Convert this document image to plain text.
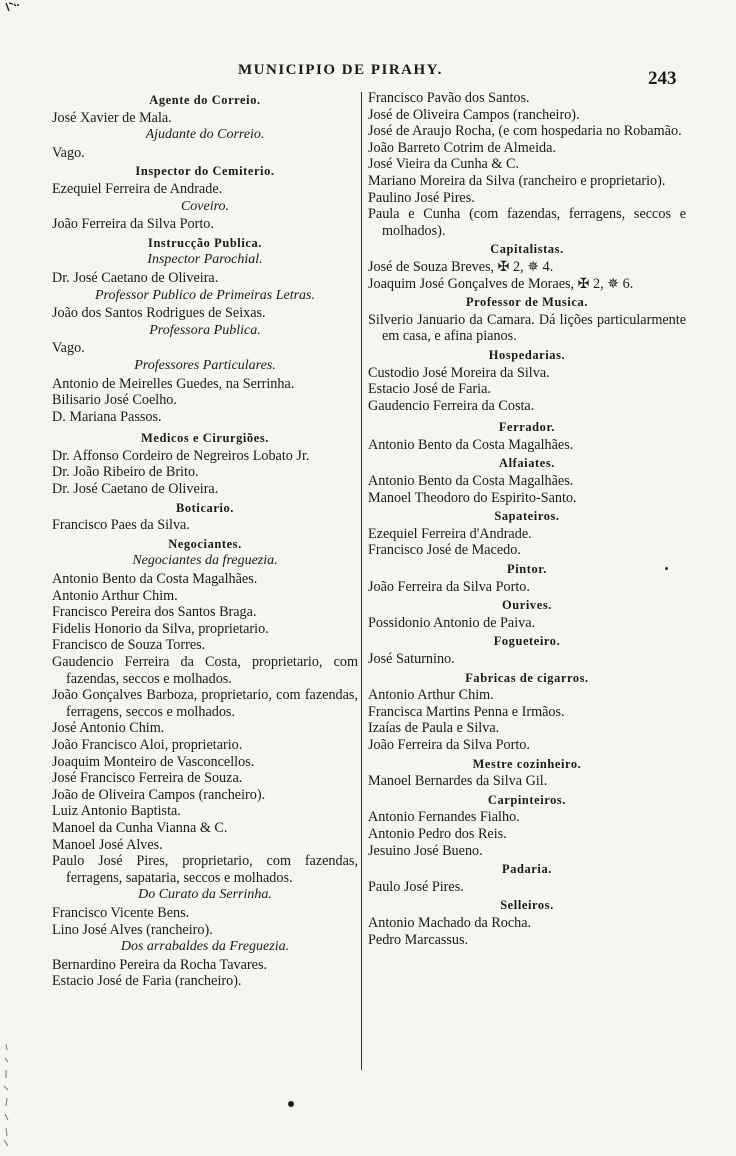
MUNICIPIO DE PIRAHY.	243
Agente do Correio.
José Xavier de Mala.
Ajudante do Correio.
Vago.
Inspector do Cemiterio.
Ezequiel Ferreira de Andrade.
Coveiro.
João Ferreira da Silva Porto.
Instrucção Publica.
Inspector Parochial.
Dr. José Caetano de Oliveira.
Professor Publico de Primeiras Letras.
João dos Santos Rodrigues de Seixas.
Professora Publica.
Vago.
Professores Particulares.
Antonio de Meirelles Guedes, na Serrinha.
Bilisario José Coelho.
D. Mariana Passos.
Medicos e Cirurgiões.
Dr. Affonso Cordeiro de Negreiros Lobato Jr.
Dr. João Ribeiro de Brito.
Dr. José Caetano de Oliveira.
Boticario.
Francisco Paes da Silva.
Negociantes.
Negociantes da freguezia.
Antonio Bento da Costa Magalhães.
Antonio Arthur Chim.
Francisco Pereira dos Santos Braga.
Fidelis Honorio da Silva, proprietario.
Francisco de Souza Torres.
Gaudencio Ferreira da Costa, proprietario, com fazendas, seccos e molhados.
João Gonçalves Barboza, proprietario, com fazendas, ferragens, seccos e molhados.
José Antonio Chim.
João Francisco Aloi, proprietario.
Joaquim Monteiro de Vasconcellos.
José Francisco Ferreira de Souza.
João de Oliveira Campos (rancheiro).
Luiz Antonio Baptista.
Manoel da Cunha Vianna & C.
Manoel José Alves.
Paulo José Pires, proprietario, com fazendas, ferragens, sapataria, seccos e molhados.
Do Curato da Serrinha.
Francisco Vicente Bens.
Lino José Alves (rancheiro).
Dos arrabaldes da Freguezia.
Bernardino Pereira da Rocha Tavares.
Estacio José de Faria (rancheiro).
Francisco Pavão dos Santos.
José de Oliveira Campos (rancheiro).
José de Araujo Rocha, (e com hospedaria no Robamão.
João Barreto Cotrim de Almeida.
José Vieira da Cunha & C.
Mariano Moreira da Silva (rancheiro e proprietario).
Paulino José Pires.
Paula e Cunha (com fazendas, ferragens, seccos e molhados).
Capitalistas.
José de Souza Breves, ✠ 2, ✵ 4.
Joaquim José Gonçalves de Moraes, ✠ 2, ✵ 6.
Professor de Musica.
Silverio Januario da Camara. Dá lições particularmente em casa, e afina pianos.
Hospedarias.
Custodio José Moreira da Silva.
Estacio José de Faria.
Gaudencio Ferreira da Costa.
Ferrador.
Antonio Bento da Costa Magalhães.
Alfaiates.
Antonio Bento da Costa Magalhães.
Manoel Theodoro do Espirito-Santo.
Sapateiros.
Ezequiel Ferreira d'Andrade.
Francisco José de Macedo.
Pintor.
João Ferreira da Silva Porto.
Ourives.
Possidonio Antonio de Paiva.
Fogueteiro.
José Saturnino.
Fabricas de cigarros.
Antonio Arthur Chim.
Francisca Martins Penna e Irmãos.
Izaías de Paula e Silva.
João Ferreira da Silva Porto.
Mestre cozinheiro.
Manoel Bernardes da Silva Gil.
Carpinteiros.
Antonio Fernandes Fialho.
Antonio Pedro dos Reis.
Jesuino José Bueno.
Padaria.
Paulo José Pires.
Selleiros.
Antonio Machado da Rocha.
Pedro Marcassus.
